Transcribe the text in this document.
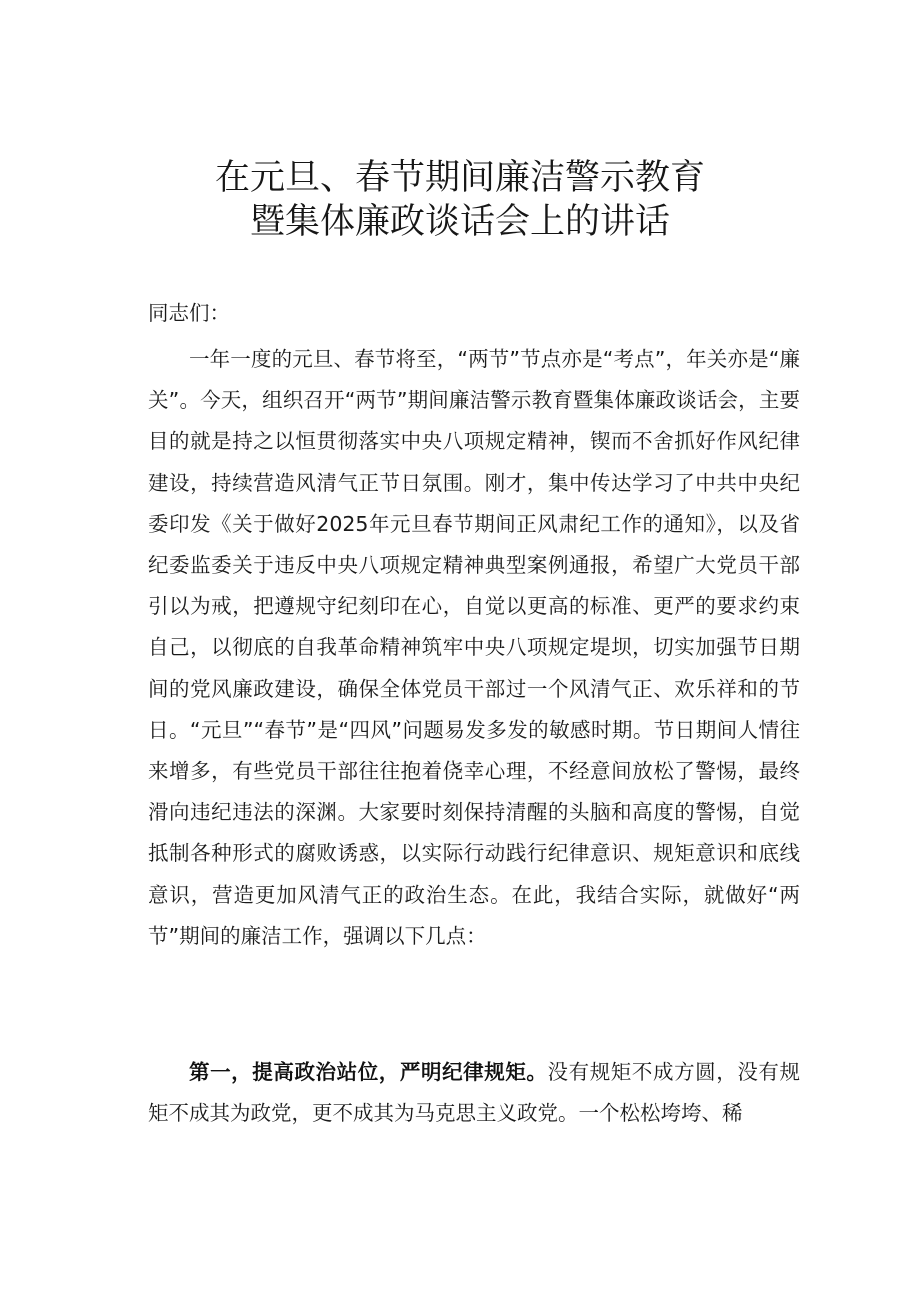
在元旦、春节期间廉洁警示教育
暨集体廉政谈话会上的讲话
同志们：
一年一度的元旦、春节将至，“两节”节点亦是“考点”，年关亦是“廉关”。今天，组织召开“两节”期间廉洁警示教育暨集体廉政谈话会，主要目的就是持之以恒贯彻落实中央八项规定精神，锲而不舍抓好作风纪律建设，持续营造风清气正节日氛围。刚才，集中传达学习了中共中央纪委印发《关于做好2025年元旦春节期间正风肃纪工作的通知》，以及省纪委监委关于违反中央八项规定精神典型案例通报，希望广大党员干部引以为戒，把遵规守纪刻印在心，自觉以更高的标准、更严的要求约束自己，以彻底的自我革命精神筑牢中央八项规定堤坝，切实加强节日期间的党风廉政建设，确保全体党员干部过一个风清气正、欢乐祥和的节日。“元旦”“春节”是“四风”问题易发多发的敏感时期。节日期间人情往来增多，有些党员干部往往抱着侥幸心理，不经意间放松了警惕，最终滑向违纪违法的深渊。大家要时刻保持清醒的头脑和高度的警惕，自觉抵制各种形式的腐败诱惑，以实际行动践行纪律意识、规矩意识和底线意识，营造更加风清气正的政治生态。在此，我结合实际，就做好“两节”期间的廉洁工作，强调以下几点：
第一，提高政治站位，严明纪律规矩。没有规矩不成方圆，没有规矩不成其为政党，更不成其为马克思主义政党。一个松松垮垮、稀
